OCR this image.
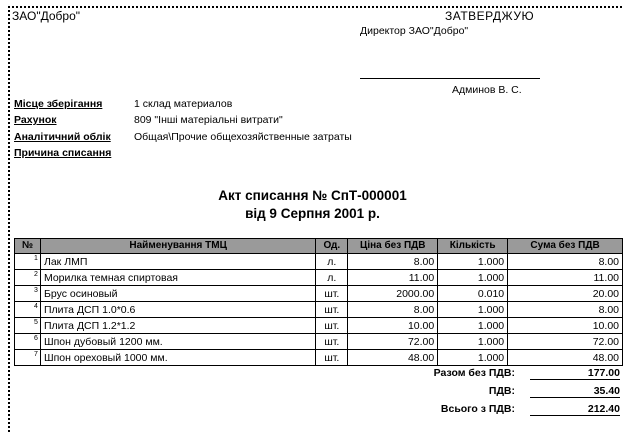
ЗАО"Добро"	ЗАТВЕРДЖУЮ
Директор ЗАО"Добро"
Админов В. С.
Місце зберігання	1 склад материалов
Рахунок	809 "Інші матеріальні витрати"
Аналітичний облік Общая\Прочие общехозяйственные затраты
Причина списання
Акт списання № СпТ-000001
від 9 Серпня 2001 р.
№	Найменування ТМЦ	Од.	Ціна без ПДВ	Кількість	Сума без ПДВ
1	Лак ЛМП	л.	8.00	1.000	8.00
2	Морилка темная спиртовая	л.	11.00	1.000	11.00
3	Брус осиновый	шт.	2000.00	0.010	20.00
4	Плита ДСП 1.0*0.6	шт.	8.00	1.000	8.00
5	Плита ДСП 1.2*1.2	шт.	10.00	1.000	10.00
6	Шпон дубовый 1200 мм.	шт.	72.00	1.000	72.00
7	Шпон ореховый 1000 мм.	шт.	48.00	1.000	48.00
Разом без ПДВ:	177.00
ПДВ:	35.40
Всього з ПДВ:	212.40
